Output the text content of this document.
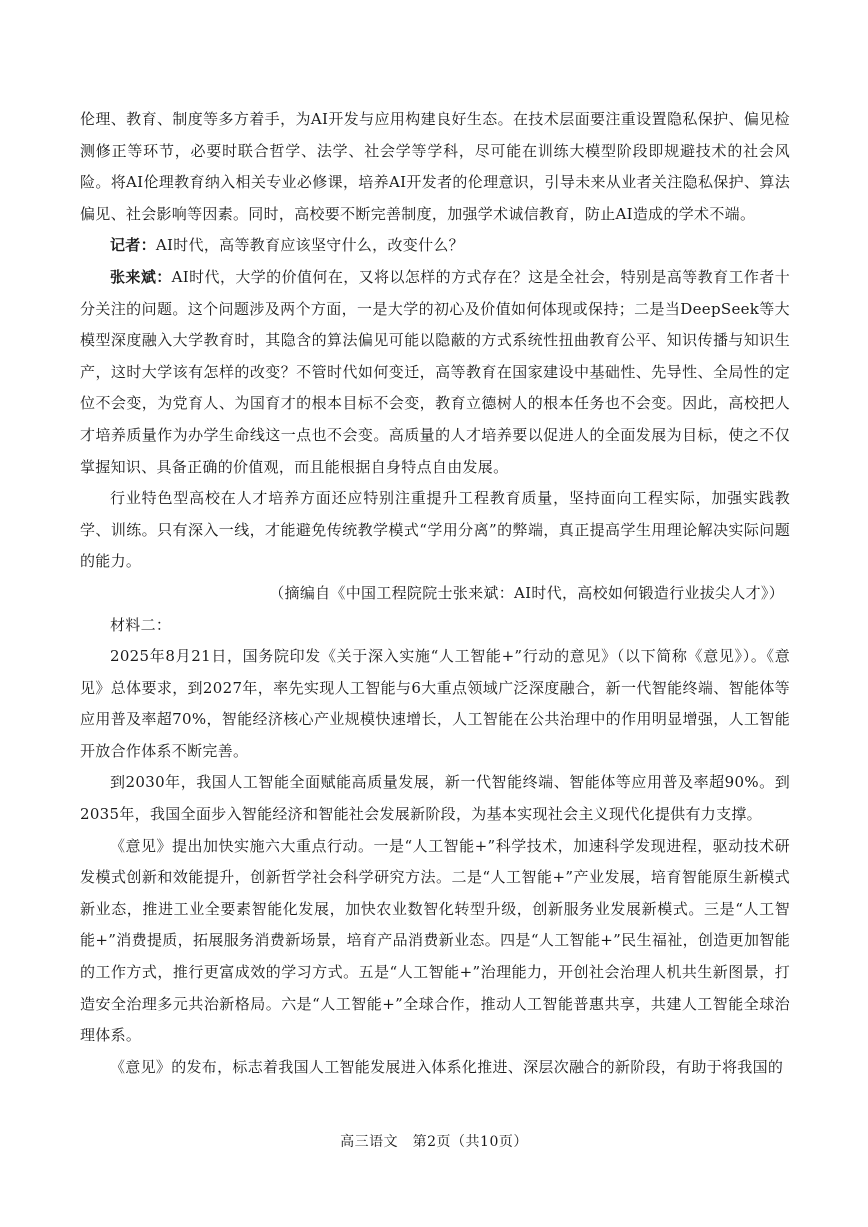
伦理、教育、制度等多方着手，为AI开发与应用构建良好生态。在技术层面要注重设置隐私保护、偏见检测修正等环节，必要时联合哲学、法学、社会学等学科，尽可能在训练大模型阶段即规避技术的社会风险。将AI伦理教育纳入相关专业必修课，培养AI开发者的伦理意识，引导未来从业者关注隐私保护、算法偏见、社会影响等因素。同时，高校要不断完善制度，加强学术诚信教育，防止AI造成的学术不端。

记者：AI时代，高等教育应该坚守什么，改变什么？

张来斌：AI时代，大学的价值何在，又将以怎样的方式存在？这是全社会，特别是高等教育工作者十分关注的问题。这个问题涉及两个方面，一是大学的初心及价值如何体现或保持；二是当DeepSeek等大模型深度融入大学教育时，其隐含的算法偏见可能以隐蔽的方式系统性扭曲教育公平、知识传播与知识生产，这时大学该有怎样的改变？不管时代如何变迁，高等教育在国家建设中基础性、先导性、全局性的定位不会变，为党育人、为国育才的根本目标不会变，教育立德树人的根本任务也不会变。因此，高校把人才培养质量作为办学生命线这一点也不会变。高质量的人才培养要以促进人的全面发展为目标，使之不仅掌握知识、具备正确的价值观，而且能根据自身特点自由发展。

行业特色型高校在人才培养方面还应特别注重提升工程教育质量，坚持面向工程实际，加强实践教学、训练。只有深入一线，才能避免传统教学模式“学用分离”的弊端，真正提高学生用理论解决实际问题的能力。

（摘编自《中国工程院院士张来斌：AI时代，高校如何锻造行业拔尖人才》）

材料二：

2025年8月21日，国务院印发《关于深入实施“人工智能+”行动的意见》（以下简称《意见》）。《意见》总体要求，到2027年，率先实现人工智能与6大重点领域广泛深度融合，新一代智能终端、智能体等应用普及率超70%，智能经济核心产业规模快速增长，人工智能在公共治理中的作用明显增强，人工智能开放合作体系不断完善。

到2030年，我国人工智能全面赋能高质量发展，新一代智能终端、智能体等应用普及率超90%。到2035年，我国全面步入智能经济和智能社会发展新阶段，为基本实现社会主义现代化提供有力支撑。

《意见》提出加快实施六大重点行动。一是“人工智能+”科学技术，加速科学发现进程，驱动技术研发模式创新和效能提升，创新哲学社会科学研究方法。二是“人工智能+”产业发展，培育智能原生新模式新业态，推进工业全要素智能化发展，加快农业数智化转型升级，创新服务业发展新模式。三是“人工智能+”消费提质，拓展服务消费新场景，培育产品消费新业态。四是“人工智能+”民生福祉，创造更加智能的工作方式，推行更富成效的学习方式。五是“人工智能+”治理能力，开创社会治理人机共生新图景，打造安全治理多元共治新格局。六是“人工智能+”全球合作，推动人工智能普惠共享，共建人工智能全球治理体系。

《意见》的发布，标志着我国人工智能发展进入体系化推进、深层次融合的新阶段，有助于将我国的

高三语文　第2页（共10页）
